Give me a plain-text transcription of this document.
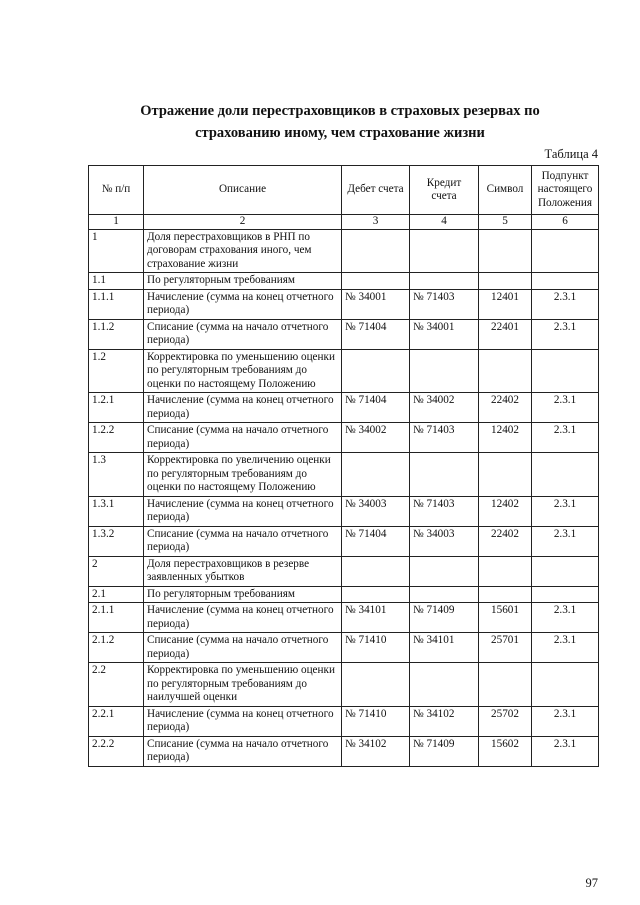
Отражение доли перестраховщиков в страховых резервах по
страхованию иному, чем страхование жизни
Таблица 4
№ п/п	Описание	Дебет счета	Кредит счета	Символ	Подпункт настоящего Положения
1	2	3	4	5	6
1	Доля перестраховщиков в РНП по договорам страхования иного, чем страхование жизни				
1.1	По регуляторным требованиям				
1.1.1	Начисление (сумма на конец отчетного периода)	№ 34001	№ 71403	12401	2.3.1
1.1.2	Списание (сумма на начало отчетного периода)	№ 71404	№ 34001	22401	2.3.1
1.2	Корректировка по уменьшению оценки по регуляторным требованиям до оценки по настоящему Положению				
1.2.1	Начисление (сумма на конец отчетного периода)	№ 71404	№ 34002	22402	2.3.1
1.2.2	Списание (сумма на начало отчетного периода)	№ 34002	№ 71403	12402	2.3.1
1.3	Корректировка по увеличению оценки по регуляторным требованиям до оценки по настоящему Положению				
1.3.1	Начисление (сумма на конец отчетного периода)	№ 34003	№ 71403	12402	2.3.1
1.3.2	Списание (сумма на начало отчетного периода)	№ 71404	№ 34003	22402	2.3.1
2	Доля перестраховщиков в резерве заявленных убытков				
2.1	По регуляторным требованиям				
2.1.1	Начисление (сумма на конец отчетного периода)	№ 34101	№ 71409	15601	2.3.1
2.1.2	Списание (сумма на начало отчетного периода)	№ 71410	№ 34101	25701	2.3.1
2.2	Корректировка по уменьшению оценки по регуляторным требованиям до наилучшей оценки				
2.2.1	Начисление (сумма на конец отчетного периода)	№ 71410	№ 34102	25702	2.3.1
2.2.2	Списание (сумма на начало отчетного периода)	№ 34102	№ 71409	15602	2.3.1
97
